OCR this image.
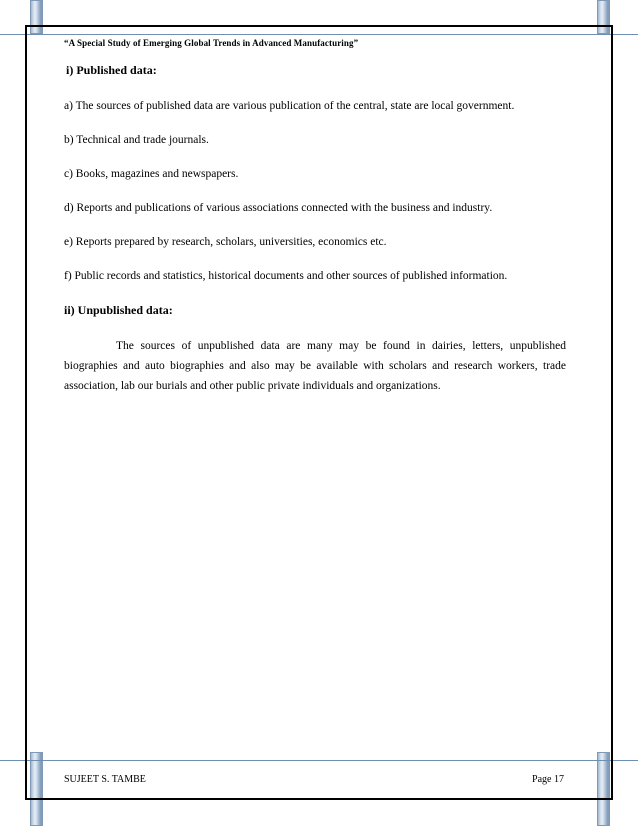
“A Special Study of Emerging Global Trends in Advanced Manufacturing”

i) Published data:

a) The sources of published data are various publication of the central, state are local government.

b) Technical and trade journals.

c) Books, magazines and newspapers.

d) Reports and publications of various associations connected with the business and industry.

e) Reports prepared by research, scholars, universities, economics etc.

f) Public records and statistics, historical documents and other sources of published information.

ii) Unpublished data:

The sources of unpublished data are many may be found in dairies, letters, unpublished biographies and auto biographies and also may be available with scholars and research workers, trade association, lab our burials and other public private individuals and organizations.

SUJEET S. TAMBE	Page 17
